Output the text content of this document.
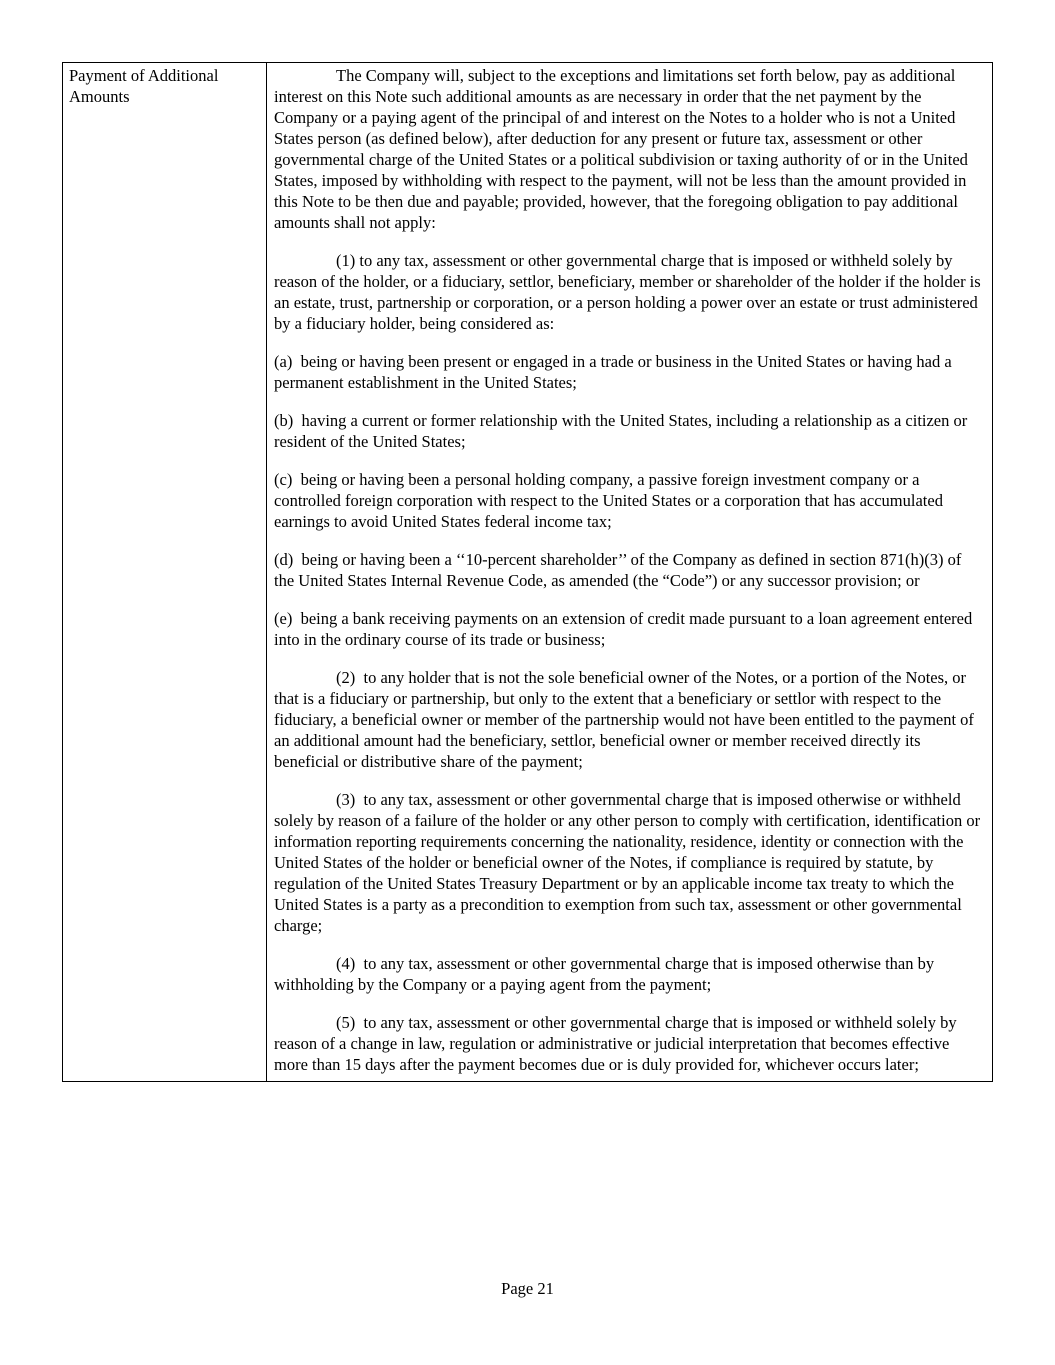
Payment of Additional Amounts

The Company will, subject to the exceptions and limitations set forth below, pay as additional interest on this Note such additional amounts as are necessary in order that the net payment by the Company or a paying agent of the principal of and interest on the Notes to a holder who is not a United States person (as defined below), after deduction for any present or future tax, assessment or other governmental charge of the United States or a political subdivision or taxing authority of or in the United States, imposed by withholding with respect to the payment, will not be less than the amount provided in this Note to be then due and payable; provided, however, that the foregoing obligation to pay additional amounts shall not apply:

(1) to any tax, assessment or other governmental charge that is imposed or withheld solely by reason of the holder, or a fiduciary, settlor, beneficiary, member or shareholder of the holder if the holder is an estate, trust, partnership or corporation, or a person holding a power over an estate or trust administered by a fiduciary holder, being considered as:

(a)  being or having been present or engaged in a trade or business in the United States or having had a permanent establishment in the United States;

(b)  having a current or former relationship with the United States, including a relationship as a citizen or resident of the United States;

(c)  being or having been a personal holding company, a passive foreign investment company or a controlled foreign corporation with respect to the United States or a corporation that has accumulated earnings to avoid United States federal income tax;

(d)  being or having been a ‘‘10-percent shareholder’’ of the Company as defined in section 871(h)(3) of the United States Internal Revenue Code, as amended (the “Code”) or any successor provision; or

(e)  being a bank receiving payments on an extension of credit made pursuant to a loan agreement entered into in the ordinary course of its trade or business;

(2)  to any holder that is not the sole beneficial owner of the Notes, or a portion of the Notes, or that is a fiduciary or partnership, but only to the extent that a beneficiary or settlor with respect to the fiduciary, a beneficial owner or member of the partnership would not have been entitled to the payment of an additional amount had the beneficiary, settlor, beneficial owner or member received directly its beneficial or distributive share of the payment;

(3)  to any tax, assessment or other governmental charge that is imposed otherwise or withheld solely by reason of a failure of the holder or any other person to comply with certification, identification or information reporting requirements concerning the nationality, residence, identity or connection with the United States of the holder or beneficial owner of the Notes, if compliance is required by statute, by regulation of the United States Treasury Department or by an applicable income tax treaty to which the United States is a party as a precondition to exemption from such tax, assessment or other governmental charge;

(4)  to any tax, assessment or other governmental charge that is imposed otherwise than by withholding by the Company or a paying agent from the payment;

(5)  to any tax, assessment or other governmental charge that is imposed or withheld solely by reason of a change in law, regulation or administrative or judicial interpretation that becomes effective more than 15 days after the payment becomes due or is duly provided for, whichever occurs later;

Page 21
